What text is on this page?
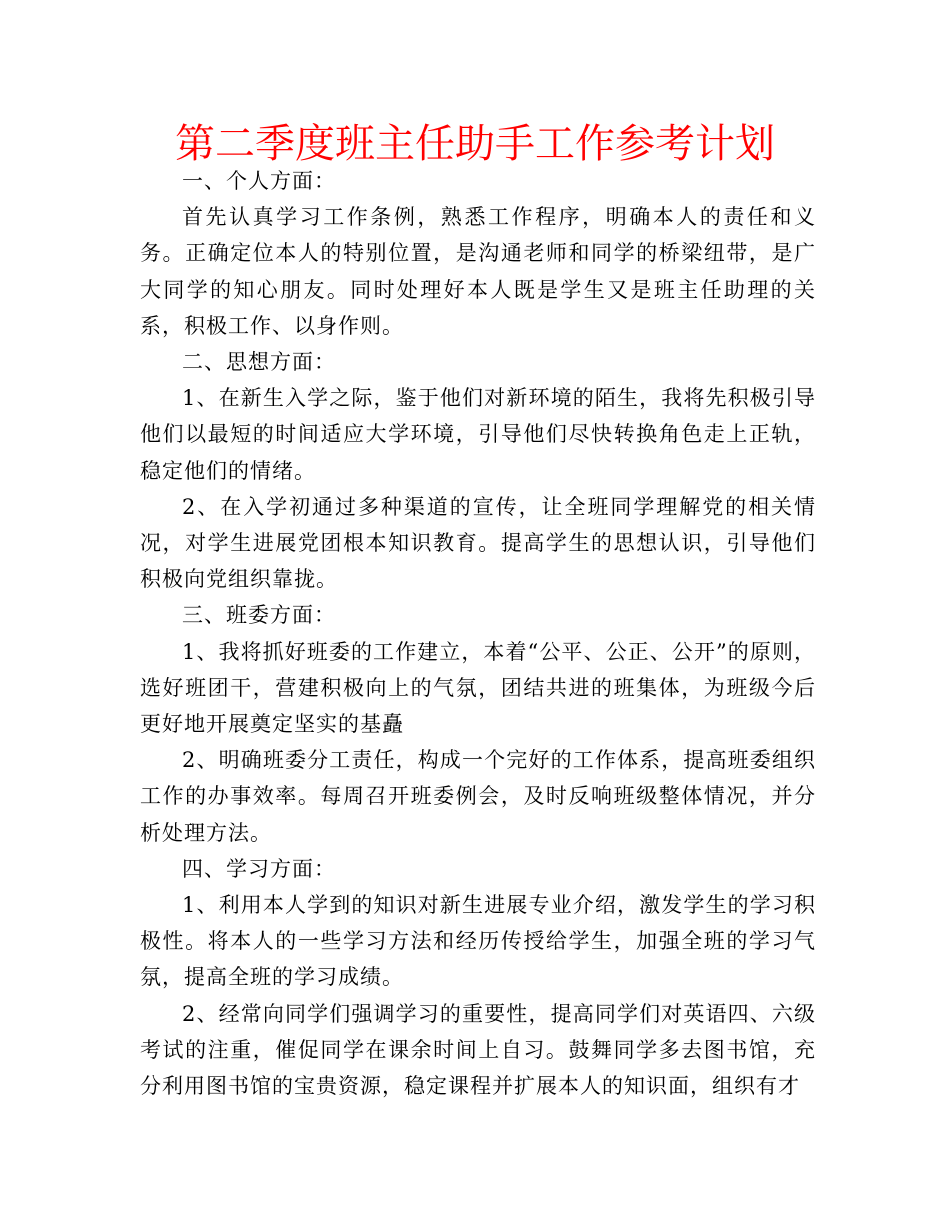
第二季度班主任助手工作参考计划

一、个人方面：

首先认真学习工作条例，熟悉工作程序，明确本人的责任和义务。正确定位本人的特别位置，是沟通老师和同学的桥梁纽带，是广大同学的知心朋友。同时处理好本人既是学生又是班主任助理的关系，积极工作、以身作则。

二、思想方面：

1、在新生入学之际，鉴于他们对新环境的陌生，我将先积极引导他们以最短的时间适应大学环境，引导他们尽快转换角色走上正轨，稳定他们的情绪。

2、在入学初通过多种渠道的宣传，让全班同学理解党的相关情况，对学生进展党团根本知识教育。提高学生的思想认识，引导他们积极向党组织靠拢。

三、班委方面：

1、我将抓好班委的工作建立，本着“公平、公正、公开”的原则，选好班团干，营建积极向上的气氛，团结共进的班集体，为班级今后更好地开展奠定坚实的基矗

2、明确班委分工责任，构成一个完好的工作体系，提高班委组织工作的办事效率。每周召开班委例会，及时反响班级整体情况，并分析处理方法。

四、学习方面：

1、利用本人学到的知识对新生进展专业介绍，激发学生的学习积极性。将本人的一些学习方法和经历传授给学生，加强全班的学习气氛，提高全班的学习成绩。

2、经常向同学们强调学习的重要性，提高同学们对英语四、六级考试的注重，催促同学在课余时间上自习。鼓舞同学多去图书馆，充分利用图书馆的宝贵资源，稳定课程并扩展本人的知识面，组织有才
